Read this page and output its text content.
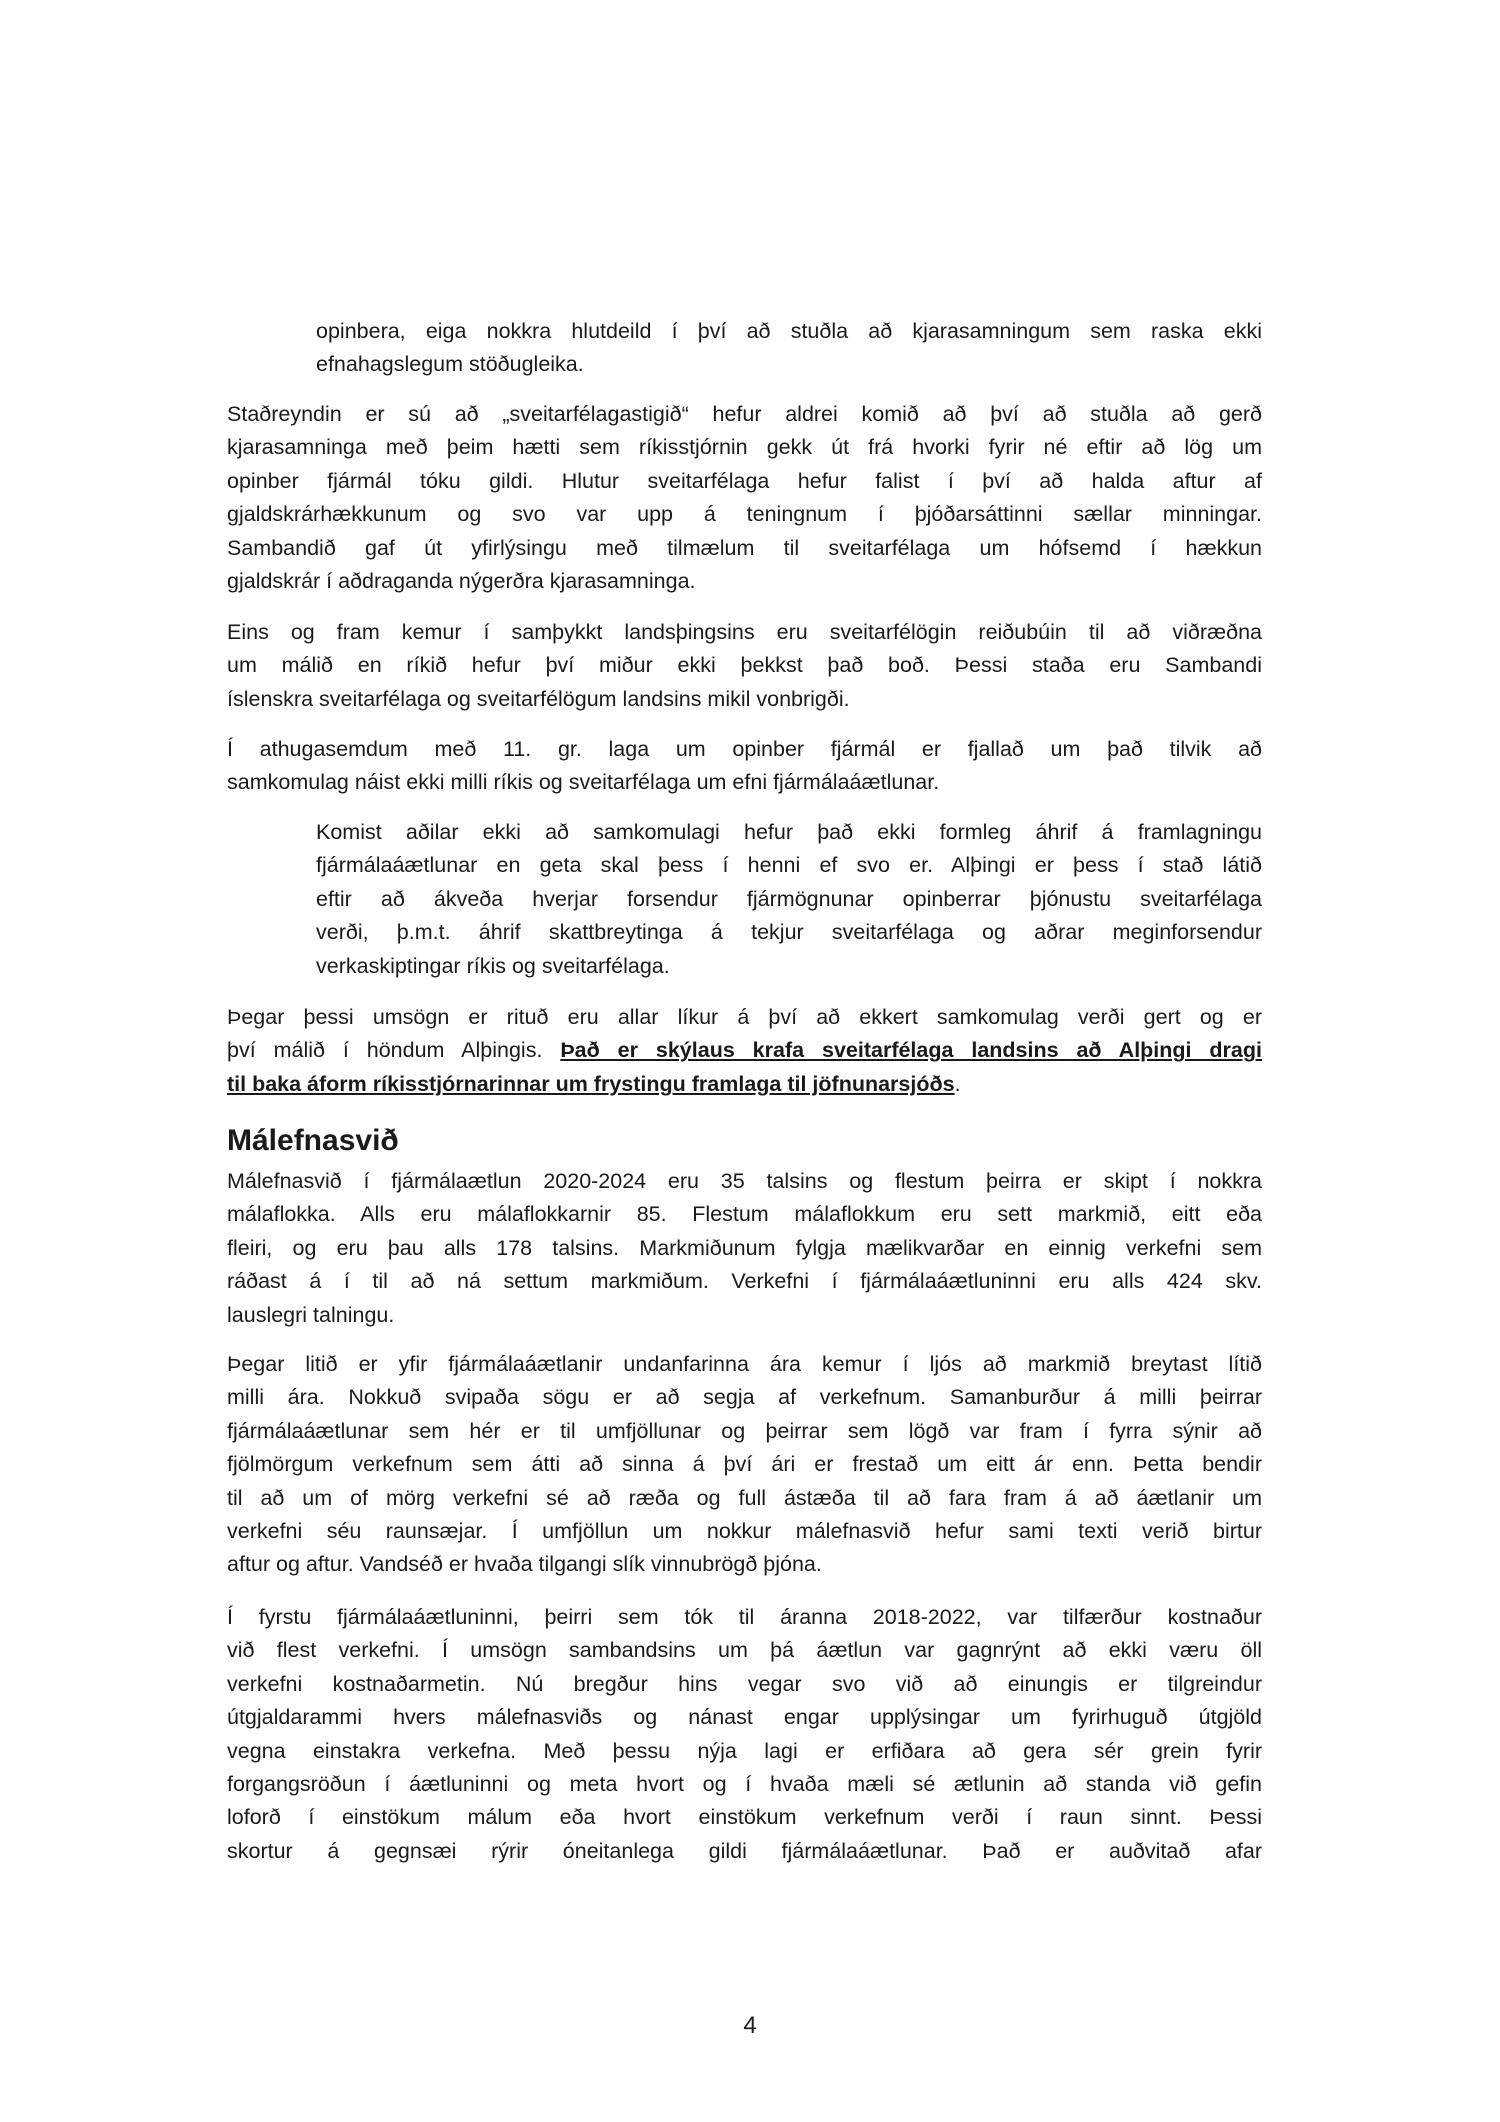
opinbera, eiga nokkra hlutdeild í því að stuðla að kjarasamningum sem raska ekki
efnahagslegum stöðugleika.
Staðreyndin er sú að „sveitarfélagastigið“ hefur aldrei komið að því að stuðla að gerð
kjarasamninga með þeim hætti sem ríkisstjórnin gekk út frá hvorki fyrir né eftir að lög um
opinber fjármál tóku gildi. Hlutur sveitarfélaga hefur falist í því að halda aftur af
gjaldskrárhækkunum og svo var upp á teningnum í þjóðarsáttinni sællar minningar.
Sambandið gaf út yfirlýsingu með tilmælum til sveitarfélaga um hófsemd í hækkun
gjaldskrár í aðdraganda nýgerðra kjarasamninga.
Eins og fram kemur í samþykkt landsþingsins eru sveitarfélögin reiðubúin til að viðræðna
um málið en ríkið hefur því miður ekki þekkst það boð. Þessi staða eru Sambandi
íslenskra sveitarfélaga og sveitarfélögum landsins mikil vonbrigði.
Í athugasemdum með 11. gr. laga um opinber fjármál er fjallað um það tilvik að
samkomulag náist ekki milli ríkis og sveitarfélaga um efni fjármálaáætlunar.
Komist aðilar ekki að samkomulagi hefur það ekki formleg áhrif á framlagningu
fjármálaáætlunar en geta skal þess í henni ef svo er. Alþingi er þess í stað látið
eftir að ákveða hverjar forsendur fjármögnunar opinberrar þjónustu sveitarfélaga
verði, þ.m.t. áhrif skattbreytinga á tekjur sveitarfélaga og aðrar meginforsendur
verkaskiptingar ríkis og sveitarfélaga.
Þegar þessi umsögn er rituð eru allar líkur á því að ekkert samkomulag verði gert og er
því málið í höndum Alþingis. Það er skýlaus krafa sveitarfélaga landsins að Alþingi dragi
til baka áform ríkisstjórnarinnar um frystingu framlaga til jöfnunarsjóðs.
Málefnasvið
Málefnasvið í fjármálaætlun 2020-2024 eru 35 talsins og flestum þeirra er skipt í nokkra
málaflokka. Alls eru málaflokkarnir 85. Flestum málaflokkum eru sett markmið, eitt eða
fleiri, og eru þau alls 178 talsins. Markmiðunum fylgja mælikvarðar en einnig verkefni sem
ráðast á í til að ná settum markmiðum. Verkefni í fjármálaáætluninni eru alls 424 skv.
lauslegri talningu.
Þegar litið er yfir fjármálaáætlanir undanfarinna ára kemur í ljós að markmið breytast lítið
milli ára. Nokkuð svipaða sögu er að segja af verkefnum. Samanburður á milli þeirrar
fjármálaáætlunar sem hér er til umfjöllunar og þeirrar sem lögð var fram í fyrra sýnir að
fjölmörgum verkefnum sem átti að sinna á því ári er frestað um eitt ár enn. Þetta bendir
til að um of mörg verkefni sé að ræða og full ástæða til að fara fram á að áætlanir um
verkefni séu raunsæjar. Í umfjöllun um nokkur málefnasvið hefur sami texti verið birtur
aftur og aftur. Vandséð er hvaða tilgangi slík vinnubrögð þjóna.
Í fyrstu fjármálaáætluninni, þeirri sem tók til áranna 2018-2022, var tilfærður kostnaður
við flest verkefni. Í umsögn sambandsins um þá áætlun var gagnrýnt að ekki væru öll
verkefni kostnaðarmetin. Nú bregður hins vegar svo við að einungis er tilgreindur
útgjaldarammi hvers málefnasviðs og nánast engar upplýsingar um fyrirhuguð útgjöld
vegna einstakra verkefna. Með þessu nýja lagi er erfiðara að gera sér grein fyrir
forgangsröðun í áætluninni og meta hvort og í hvaða mæli sé ætlunin að standa við gefin
loforð í einstökum málum eða hvort einstökum verkefnum verði í raun sinnt. Þessi
skortur á gegnsæi rýrir óneitanlega gildi fjármálaáætlunar. Það er auðvitað afar
4
